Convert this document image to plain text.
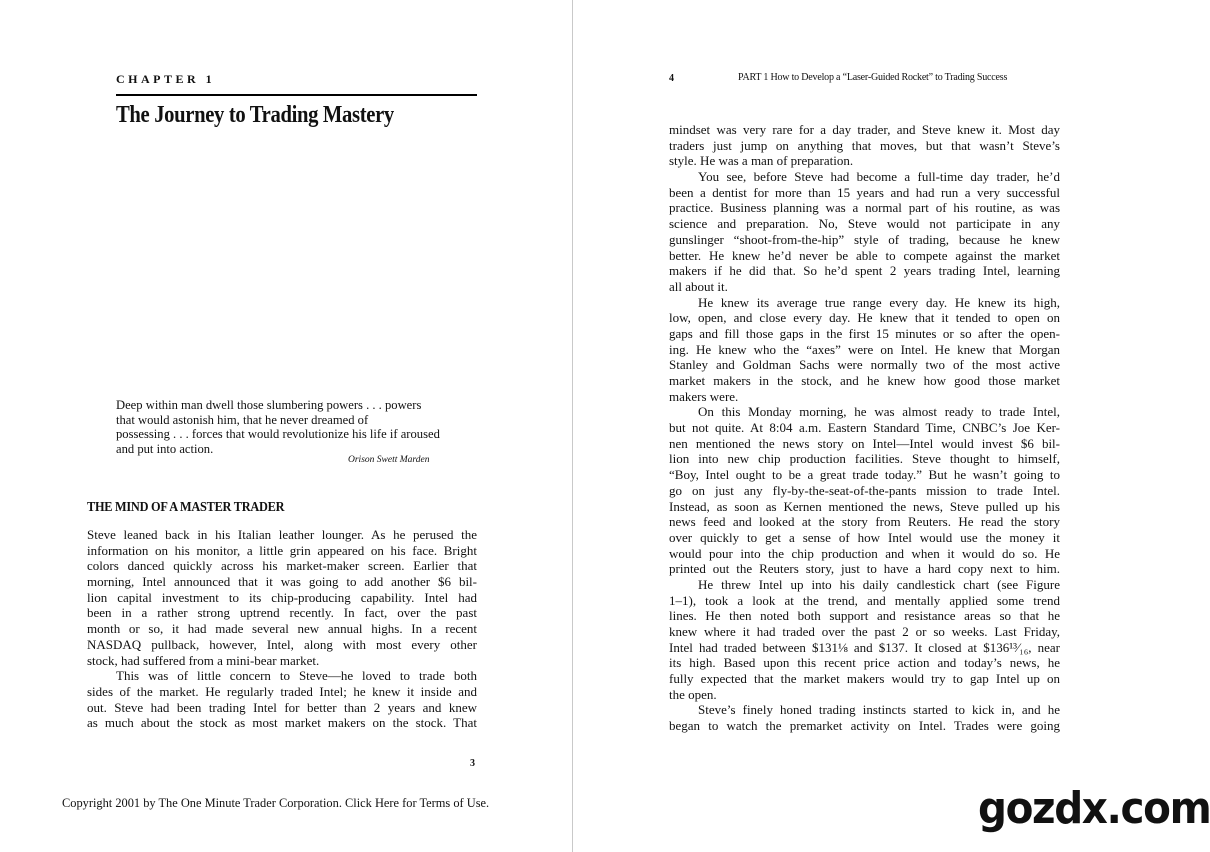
CHAPTER 1
The Journey to Trading Mastery

Deep within man dwell those slumbering powers . . . powers

that would astonish him, that he never dreamed of

possessing . . . forces that would revolutionize his life if aroused

and put into action.

Orison Swett Marden
THE MIND OF A MASTER TRADER
Steve leaned back in his Italian leather lounger. As he perused the
information on his monitor, a little grin appeared on his face. Bright
colors danced quickly across his market-maker screen. Earlier that
morning, Intel announced that it was going to add another $6 bil-
lion capital investment to its chip-producing capability. Intel had
been in a rather strong uptrend recently. In fact, over the past
month or so, it had made several new annual highs. In a recent
NASDAQ pullback, however, Intel, along with most every other
stock, had suffered from a mini-bear market.
This was of little concern to Steve—he loved to trade both
sides of the market. He regularly traded Intel; he knew it inside and
out. Steve had been trading Intel for better than 2 years and knew
as much about the stock as most market makers on the stock. That
3
Copyright 2001 by The One Minute Trader Corporation. Click Here for Terms of Use.
4	PART 1 How to Develop a “Laser-Guided Rocket” to Trading Success
mindset was very rare for a day trader, and Steve knew it. Most day
traders just jump on anything that moves, but that wasn’t Steve’s
style. He was a man of preparation.
You see, before Steve had become a full-time day trader, he’d
been a dentist for more than 15 years and had run a very successful
practice. Business planning was a normal part of his routine, as was
science and preparation. No, Steve would not participate in any
gunslinger “shoot-from-the-hip” style of trading, because he knew
better. He knew he’d never be able to compete against the market
makers if he did that. So he’d spent 2 years trading Intel, learning
all about it.
He knew its average true range every day. He knew its high,
low, open, and close every day. He knew that it tended to open on
gaps and fill those gaps in the first 15 minutes or so after the open-
ing. He knew who the “axes” were on Intel. He knew that Morgan
Stanley and Goldman Sachs were normally two of the most active
market makers in the stock, and he knew how good those market
makers were.
On this Monday morning, he was almost ready to trade Intel,
but not quite. At 8:04 a.m. Eastern Standard Time, CNBC’s Joe Ker-
nen mentioned the news story on Intel—Intel would invest $6 bil-
lion into new chip production facilities. Steve thought to himself,
“Boy, Intel ought to be a great trade today.” But he wasn’t going to
go on just any fly-by-the-seat-of-the-pants mission to trade Intel.
Instead, as soon as Kernen mentioned the news, Steve pulled up his
news feed and looked at the story from Reuters. He read the story
over quickly to get a sense of how Intel would use the money it
would pour into the chip production and when it would do so. He
printed out the Reuters story, just to have a hard copy next to him.
He threw Intel up into his daily candlestick chart (see Figure
1–1), took a look at the trend, and mentally applied some trend
lines. He then noted both support and resistance areas so that he
knew where it had traded over the past 2 or so weeks. Last Friday,
Intel had traded between $131⅛ and $137. It closed at $136¹³⁄₁₆, near
its high. Based upon this recent price action and today’s news, he
fully expected that the market makers would try to gap Intel up on
the open.
Steve’s finely honed trading instincts started to kick in, and he
began to watch the premarket activity on Intel. Trades were going
gozdx.com
